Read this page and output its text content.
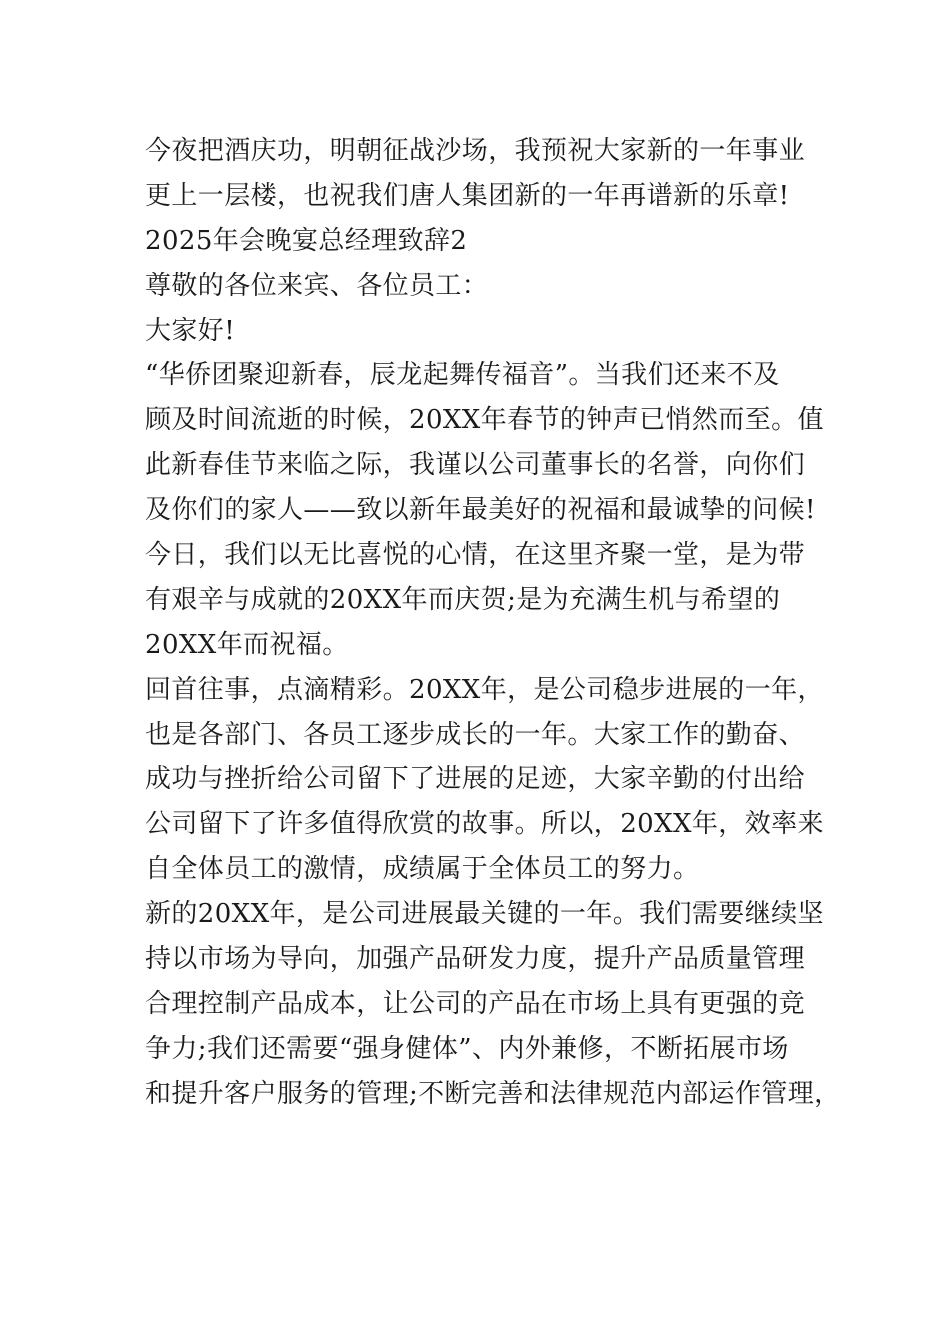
今夜把酒庆功，明朝征战沙场，我预祝大家新的一年事业
更上一层楼，也祝我们唐人集团新的一年再谱新的乐章!
2025年会晚宴总经理致辞2
尊敬的各位来宾、各位员工：
大家好!
“华侨团聚迎新春，辰龙起舞传福音”。当我们还来不及
顾及时间流逝的时候，20XX年春节的钟声已悄然而至。值
此新春佳节来临之际，我谨以公司董事长的名誉，向你们
及你们的家人——致以新年最美好的祝福和最诚挚的问候!
今日，我们以无比喜悦的心情，在这里齐聚一堂，是为带
有艰辛与成就的20XX年而庆贺;是为充满生机与希望的
20XX年而祝福。
回首往事，点滴精彩。20XX年，是公司稳步进展的一年，
也是各部门、各员工逐步成长的一年。大家工作的勤奋、
成功与挫折给公司留下了进展的足迹，大家辛勤的付出给
公司留下了许多值得欣赏的故事。所以，20XX年，效率来
自全体员工的激情，成绩属于全体员工的努力。
新的20XX年，是公司进展最关键的一年。我们需要继续坚
持以市场为导向，加强产品研发力度，提升产品质量管理
合理控制产品成本，让公司的产品在市场上具有更强的竞
争力;我们还需要“强身健体”、内外兼修，不断拓展市场
和提升客户服务的管理;不断完善和法律规范内部运作管理，
